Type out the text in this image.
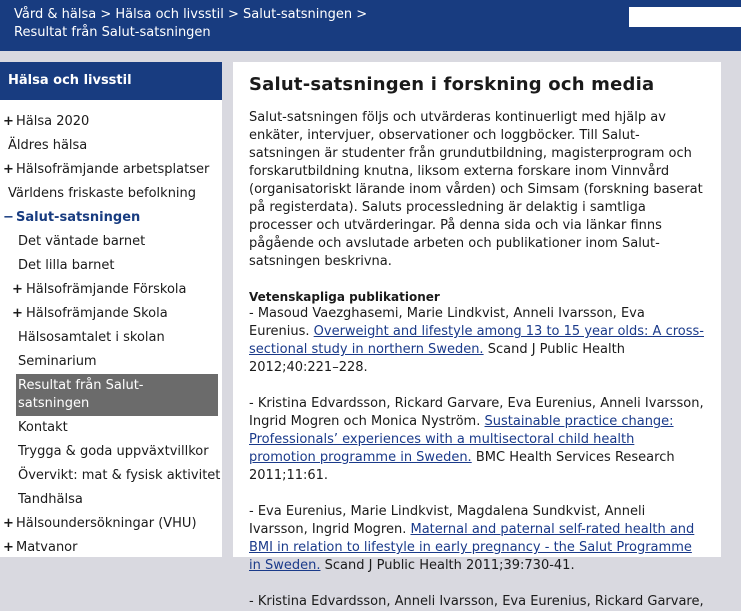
Vård & hälsa > Hälsa och livsstil > Salut-satsningen >
Resultat från Salut-satsningen
Hälsa och livsstil
+ Hälsa 2020
Äldres hälsa
+ Hälsofrämjande arbetsplatser
Världens friskaste befolkning
− Salut-satsningen
Det väntade barnet
Det lilla barnet
+ Hälsofrämjande Förskola
+ Hälsofrämjande Skola
Hälsosamtalet i skolan
Seminarium
Resultat från Salut-satsningen
Kontakt
Trygga & goda uppväxtvillkor
Övervikt: mat & fysisk aktivitet
Tandhälsa
+ Hälsoundersökningar (VHU)
+ Matvanor
Salut-satsningen i forskning och media

Salut-satsningen följs och utvärderas kontinuerligt med hjälp av enkäter, intervjuer, observationer och loggböcker. Till Salut-satsningen är studenter från grundutbildning, magisterprogram och forskarutbildning knutna, liksom externa forskare inom Vinnvård (organisatoriskt lärande inom vården) och Simsam (forskning baserat på registerdata). Saluts processledning är delaktig i samtliga processer och utvärderingar. På denna sida och via länkar finns pågående och avslutade arbeten och publikationer inom Salut-satsningen beskrivna.

Vetenskapliga publikationer

- Masoud Vaezghasemi, Marie Lindkvist, Anneli Ivarsson, Eva Eurenius. Overweight and lifestyle among 13 to 15 year olds: A cross-sectional study in northern Sweden. Scand J Public Health 2012;40:221–228.

- Kristina Edvardsson, Rickard Garvare, Eva Eurenius, Anneli Ivarsson, Ingrid Mogren och Monica Nyström. Sustainable practice change: Professionals’ experiences with a multisectoral child health promotion programme in Sweden. BMC Health Services Research 2011;11:61.

- Eva Eurenius, Marie Lindkvist, Magdalena Sundkvist, Anneli Ivarsson, Ingrid Mogren. Maternal and paternal self-rated health and BMI in relation to lifestyle in early pregnancy - the Salut Programme in Sweden. Scand J Public Health 2011;39:730-41.

- Kristina Edvardsson, Anneli Ivarsson, Eva Eurenius, Rickard Garvare,
